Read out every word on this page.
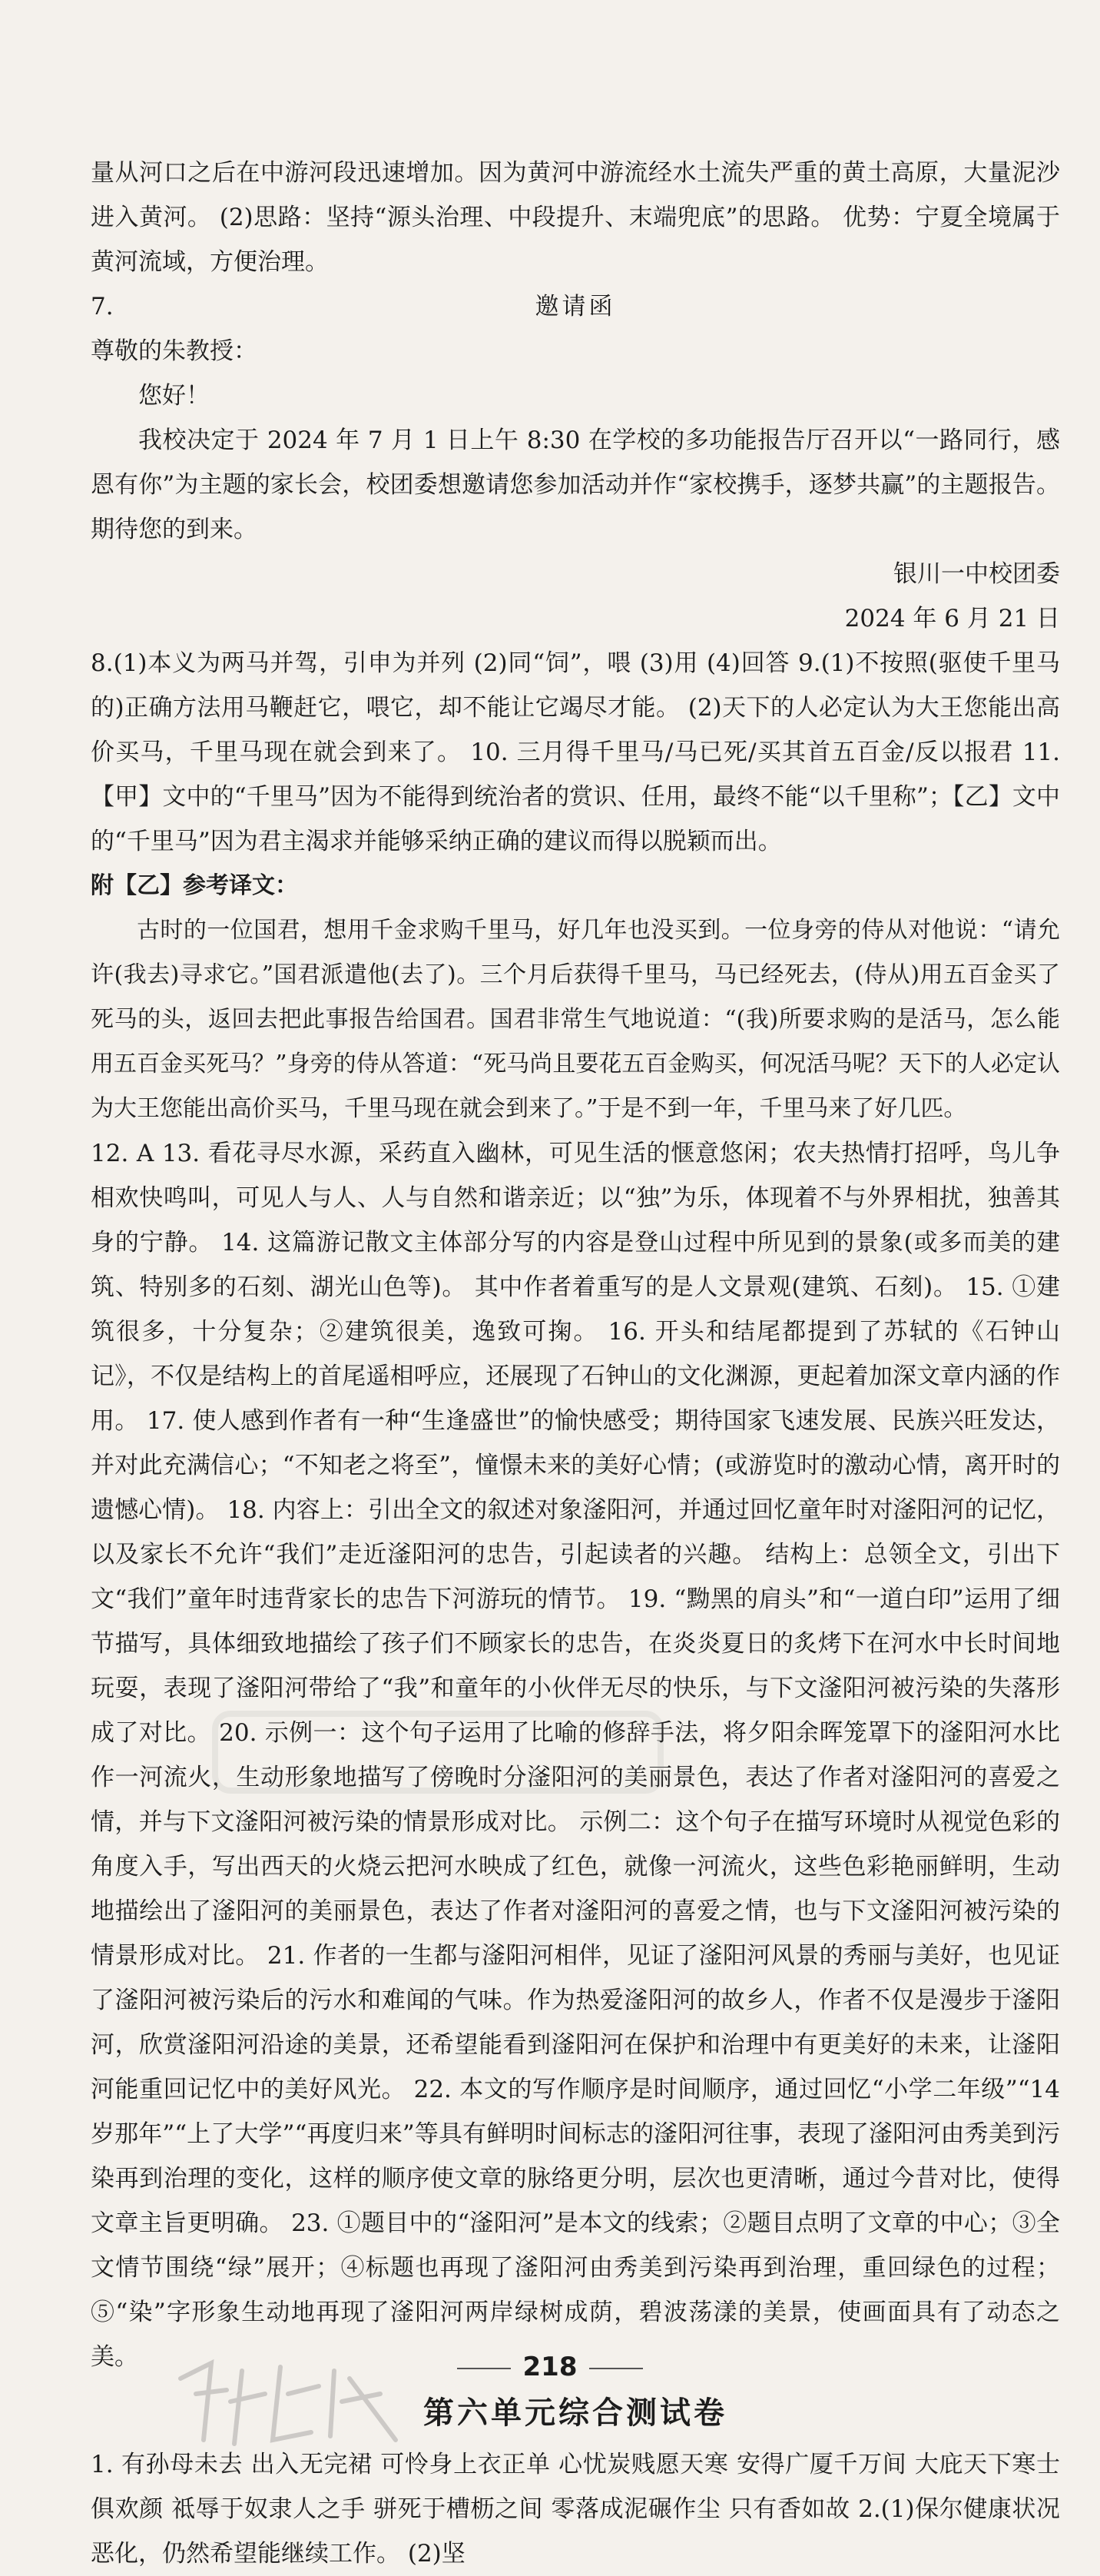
量从河口之后在中游河段迅速增加。因为黄河中游流经水土流失严重的黄土高原，大量泥沙进入黄河。 (2)思路：坚持“源头治理、中段提升、末端兜底”的思路。 优势：宁夏全境属于黄河流域，方便治理。

7.	邀请函

尊敬的朱教授：

您好！

我校决定于 2024 年 7 月 1 日上午 8:30 在学校的多功能报告厅召开以“一路同行，感恩有你”为主题的家长会，校团委想邀请您参加活动并作“家校携手，逐梦共赢”的主题报告。期待您的到来。

银川一中校团委

2024 年 6 月 21 日

8.(1)本义为两马并驾，引申为并列 (2)同“饲”，喂 (3)用 (4)回答 9.(1)不按照(驱使千里马的)正确方法用马鞭赶它，喂它，却不能让它竭尽才能。 (2)天下的人必定认为大王您能出高价买马，千里马现在就会到来了。 10. 三月得千里马/马已死/买其首五百金/反以报君 11.【甲】文中的“千里马”因为不能得到统治者的赏识、任用，最终不能“以千里称”；【乙】文中的“千里马”因为君主渴求并能够采纳正确的建议而得以脱颖而出。

附【乙】参考译文：

古时的一位国君，想用千金求购千里马，好几年也没买到。一位身旁的侍从对他说：“请允许(我去)寻求它。”国君派遣他(去了)。三个月后获得千里马，马已经死去，(侍从)用五百金买了死马的头，返回去把此事报告给国君。国君非常生气地说道：“(我)所要求购的是活马，怎么能用五百金买死马？”身旁的侍从答道：“死马尚且要花五百金购买，何况活马呢？天下的人必定认为大王您能出高价买马，千里马现在就会到来了。”于是不到一年，千里马来了好几匹。

12. A 13. 看花寻尽水源，采药直入幽林，可见生活的惬意悠闲；农夫热情打招呼，鸟儿争相欢快鸣叫，可见人与人、人与自然和谐亲近；以“独”为乐，体现着不与外界相扰，独善其身的宁静。 14. 这篇游记散文主体部分写的内容是登山过程中所见到的景象(或多而美的建筑、特别多的石刻、湖光山色等)。 其中作者着重写的是人文景观(建筑、石刻)。 15. ①建筑很多，十分复杂；②建筑很美，逸致可掬。 16. 开头和结尾都提到了苏轼的《石钟山记》，不仅是结构上的首尾遥相呼应，还展现了石钟山的文化渊源，更起着加深文章内涵的作用。 17. 使人感到作者有一种“生逢盛世”的愉快感受；期待国家飞速发展、民族兴旺发达，并对此充满信心；“不知老之将至”，憧憬未来的美好心情；(或游览时的激动心情，离开时的遗憾心情)。 18. 内容上：引出全文的叙述对象滏阳河，并通过回忆童年时对滏阳河的记忆，以及家长不允许“我们”走近滏阳河的忠告，引起读者的兴趣。 结构上：总领全文，引出下文“我们”童年时违背家长的忠告下河游玩的情节。 19. “黝黑的肩头”和“一道白印”运用了细节描写，具体细致地描绘了孩子们不顾家长的忠告，在炎炎夏日的炙烤下在河水中长时间地玩耍，表现了滏阳河带给了“我”和童年的小伙伴无尽的快乐，与下文滏阳河被污染的失落形成了对比。 20. 示例一：这个句子运用了比喻的修辞手法，将夕阳余晖笼罩下的滏阳河水比作一河流火，生动形象地描写了傍晚时分滏阳河的美丽景色，表达了作者对滏阳河的喜爱之情，并与下文滏阳河被污染的情景形成对比。 示例二：这个句子在描写环境时从视觉色彩的角度入手，写出西天的火烧云把河水映成了红色，就像一河流火，这些色彩艳丽鲜明，生动地描绘出了滏阳河的美丽景色，表达了作者对滏阳河的喜爱之情，也与下文滏阳河被污染的情景形成对比。 21. 作者的一生都与滏阳河相伴，见证了滏阳河风景的秀丽与美好，也见证了滏阳河被污染后的污水和难闻的气味。作为热爱滏阳河的故乡人，作者不仅是漫步于滏阳河，欣赏滏阳河沿途的美景，还希望能看到滏阳河在保护和治理中有更美好的未来，让滏阳河能重回记忆中的美好风光。 22. 本文的写作顺序是时间顺序，通过回忆“小学二年级”“14 岁那年”“上了大学”“再度归来”等具有鲜明时间标志的滏阳河往事，表现了滏阳河由秀美到污染再到治理的变化，这样的顺序使文章的脉络更分明，层次也更清晰，通过今昔对比，使得文章主旨更明确。 23. ①题目中的“滏阳河”是本文的线索；②题目点明了文章的中心；③全文情节围绕“绿”展开；④标题也再现了滏阳河由秀美到污染再到治理，重回绿色的过程；⑤“染”字形象生动地再现了滏阳河两岸绿树成荫，碧波荡漾的美景，使画面具有了动态之美。

第六单元综合测试卷

1. 有孙母未去 出入无完裙 可怜身上衣正单 心忧炭贱愿天寒 安得广厦千万间 大庇天下寒士俱欢颜 祗辱于奴隶人之手 骈死于槽枥之间 零落成泥碾作尘 只有香如故 2.(1)保尔健康状况恶化，仍然希望能继续工作。 (2)坚

218
